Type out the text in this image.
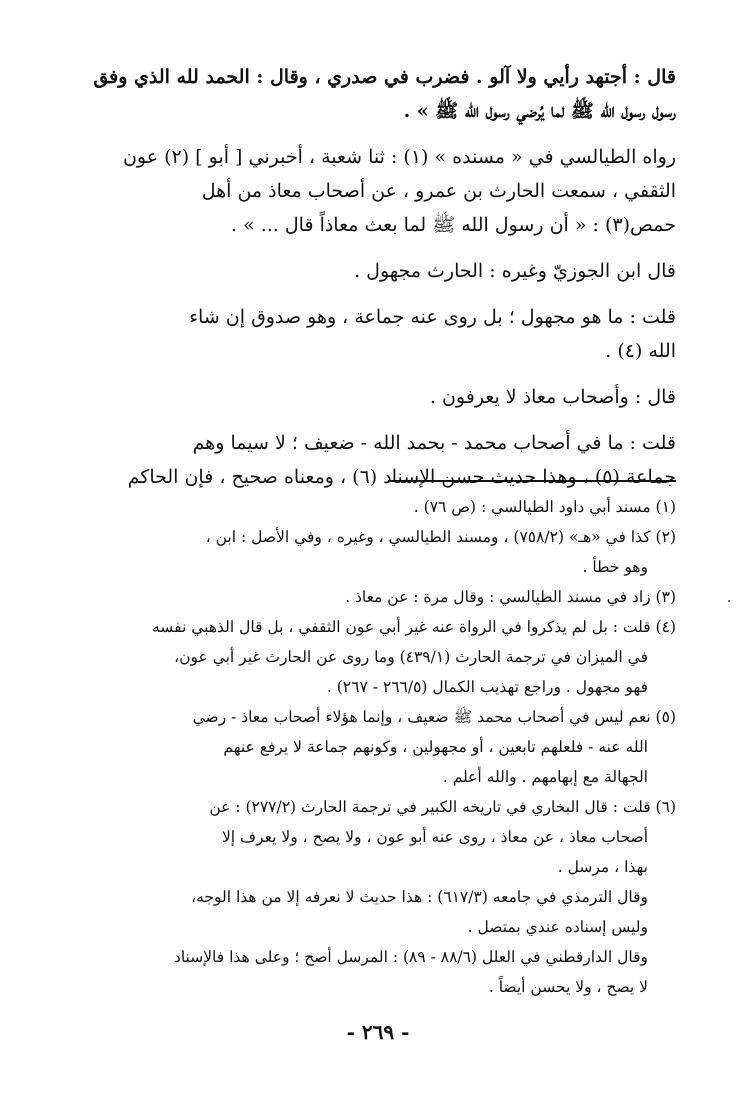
قال : أجتهد رأيي ولا آلو . فضرب في صدري ، وقال : الحمد لله الذي وفق
رسول رسول الله ﷺ لما يُرضي رسول الله ﷺ » .
رواه الطيالسي في « مسنده » (١) : ثنا شعبة ، أخبرني [ أبو ] (٢) عون
الثقفي ، سمعت الحارث بن عمرو ، عن أصحاب معاذ من أهل
حمص(٣) : « أن رسول الله ﷺ لما بعث معاذاً قال ... » .
قال ابن الجوزيّ وغيره : الحارث مجهول .
قلت : ما هو مجهول ؛ بل روى عنه جماعة ، وهو صدوق إن شاء
الله (٤) .
قال : وأصحاب معاذ لا يعرفون .
قلت : ما في أصحاب محمد - بحمد الله - ضعيف ؛ لا سيما وهم
جماعة (٥) ، وهذا حديث حسن الإسناد (٦) ، ومعناه صحيح ، فإن الحاكم
(١) مسند أبي داود الطيالسي : (ص ٧٦) .
(٢) كذا في «هـ» (٧٥٨/٢) ، ومسند الطيالسي ، وغيره ، وفي الأصل : ابن ،
وهو خطأ .
(٣) زاد في مسند الطيالسي : وقال مرة : عن معاذ .
(٤) قلت : بل لم يذكروا في الرواة عنه غير أبي عون الثقفي ، بل قال الذهبي نفسه
في الميزان في ترجمة الحارث (٤٣٩/١) وما روى عن الحارث غير أبي عون،
فهو مجهول . وراجع تهذيب الكمال (٢٦٦/٥ - ٢٦٧) .
(٥) نعم ليس في أصحاب محمد ﷺ ضعيف ، وإنما هؤلاء أصحاب معاذ - رضي
الله عنه - فلعلهم تابعين ، أو مجهولين ، وكونهم جماعة لا يرفع عنهم
الجهالة مع إبهامهم . والله أعلم .
(٦) قلت : قال البخاري في تاريخه الكبير في ترجمة الحارث (٢٧٧/٢) : عن
أصحاب معاذ ، عن معاذ ، روى عنه أبو عون ، ولا يصح ، ولا يعرف إلا
بهذا ، مرسل .
وقال الترمذي في جامعه (٦١٧/٣) : هذا حديث لا نعرفه إلا من هذا الوجه،
وليس إسناده عندي بمتصل .
وقال الدارقطني في العلل (٨٨/٦ - ٨٩) : المرسل أصح ؛ وعلى هذا فالإسناد
لا يصح ، ولا يحسن أيضاً .
- ٢٦٩ -
